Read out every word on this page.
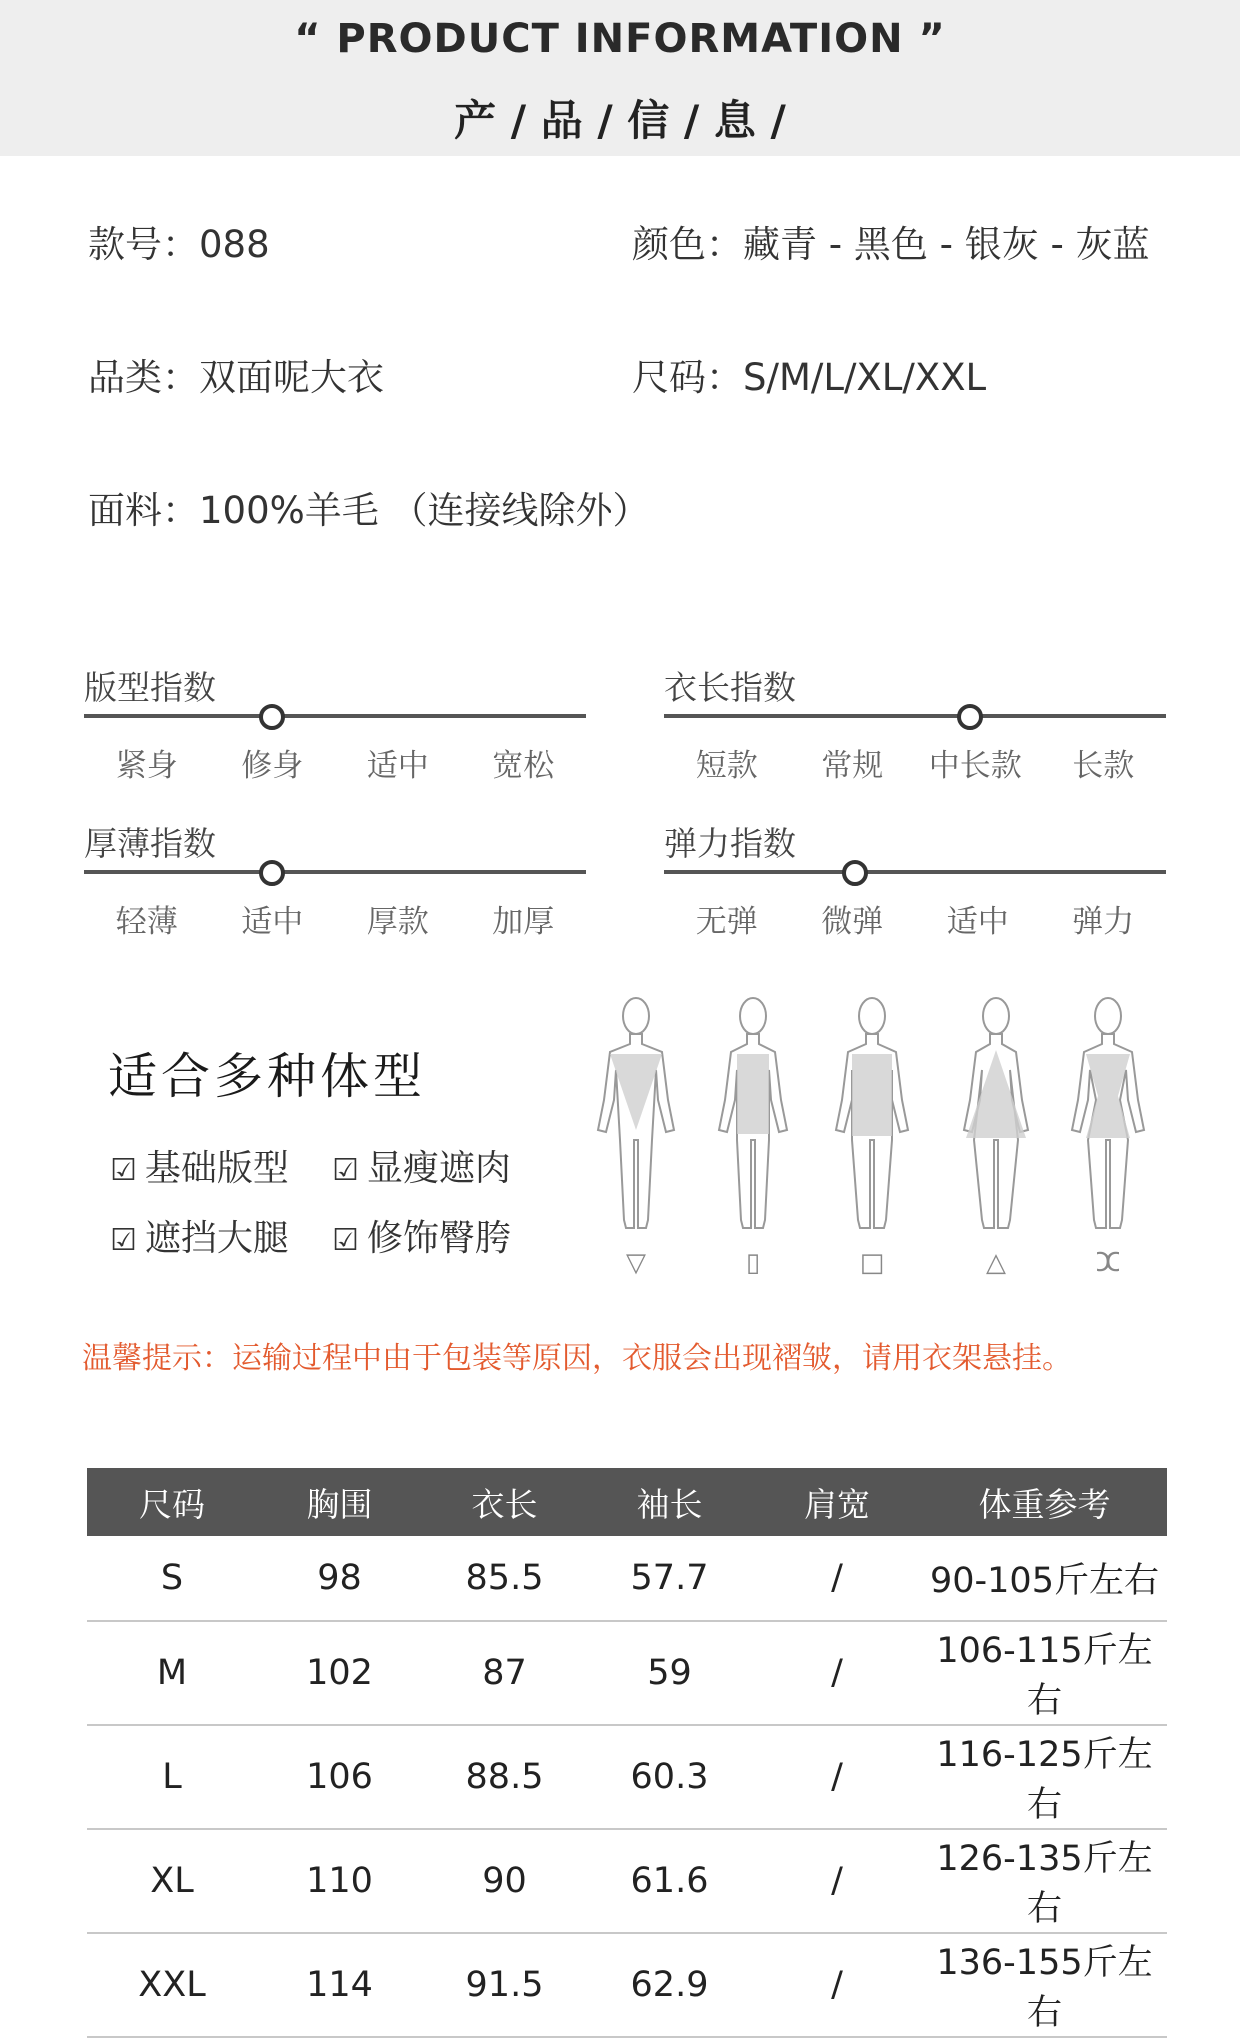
“ PRODUCT INFORMATION ”
产 / 品 / 信 / 息 /
款号：088	颜色：藏青 - 黑色 - 银灰 - 灰蓝
品类：双面呢大衣	尺码：S/M/L/XL/XXL
面料：100%羊毛 （连接线除外）
版型指数
紧身	修身	适中	宽松
衣长指数
短款	常规	中长款	长款
厚薄指数
轻薄	适中	厚款	加厚
弹力指数
无弹	微弹	适中	弹力
适合多种体型
☑ 基础版型 ☑ 显瘦遮肉
☑ 遮挡大腿 ☑ 修饰臀胯
▽	▯	□	△	ⵋ
温馨提示：运输过程中由于包装等原因，衣服会出现褶皱，请用衣架悬挂。
尺码	胸围	衣长	袖长	肩宽	体重参考
S	98	85.5	57.7	/	90-105斤左右
M	102	87	59	/	106-115斤左右
L	106	88.5	60.3	/	116-125斤左右
XL	110	90	61.6	/	126-135斤左右
XXL	114	91.5	62.9	/	136-155斤左右
